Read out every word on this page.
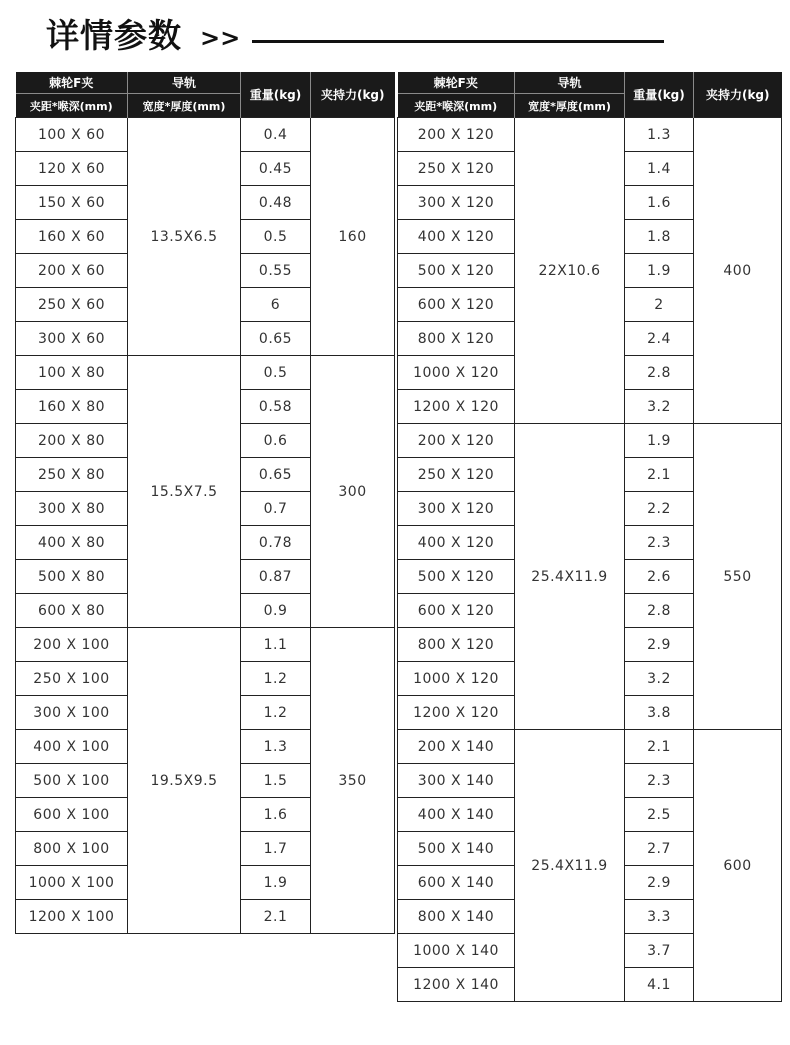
详情参数 >>
棘轮F夹	导轨	重量(kg)	夹持力(kg)
夹距*喉深(mm)	宽度*厚度(mm)		
100 X 60	13.5X6.5	0.4	160
120 X 60		0.45	
150 X 60		0.48	
160 X 60		0.5	
200 X 60		0.55	
250 X 60		6	
300 X 60		0.65	
100 X 80	15.5X7.5	0.5	300
160 X 80		0.58	
200 X 80		0.6	
250 X 80		0.65	
300 X 80		0.7	
400 X 80		0.78	
500 X 80		0.87	
600 X 80		0.9	
200 X 100	19.5X9.5	1.1	350
250 X 100		1.2	
300 X 100		1.2	
400 X 100		1.3	
500 X 100		1.5	
600 X 100		1.6	
800 X 100		1.7	
1000 X 100		1.9	
1200 X 100		2.1	
棘轮F夹	导轨	重量(kg)	夹持力(kg)
夹距*喉深(mm)	宽度*厚度(mm)		
200 X 120	22X10.6	1.3	400
250 X 120		1.4	
300 X 120		1.6	
400 X 120		1.8	
500 X 120		1.9	
600 X 120		2	
800 X 120		2.4	
1000 X 120		2.8	
1200 X 120		3.2	
200 X 120	25.4X11.9	1.9	550
250 X 120		2.1	
300 X 120		2.2	
400 X 120		2.3	
500 X 120		2.6	
600 X 120		2.8	
800 X 120		2.9	
1000 X 120		3.2	
1200 X 120		3.8	
200 X 140	25.4X11.9	2.1	600
300 X 140		2.3	
400 X 140		2.5	
500 X 140		2.7	
600 X 140		2.9	
800 X 140		3.3	
1000 X 140		3.7	
1200 X 140		4.1	
